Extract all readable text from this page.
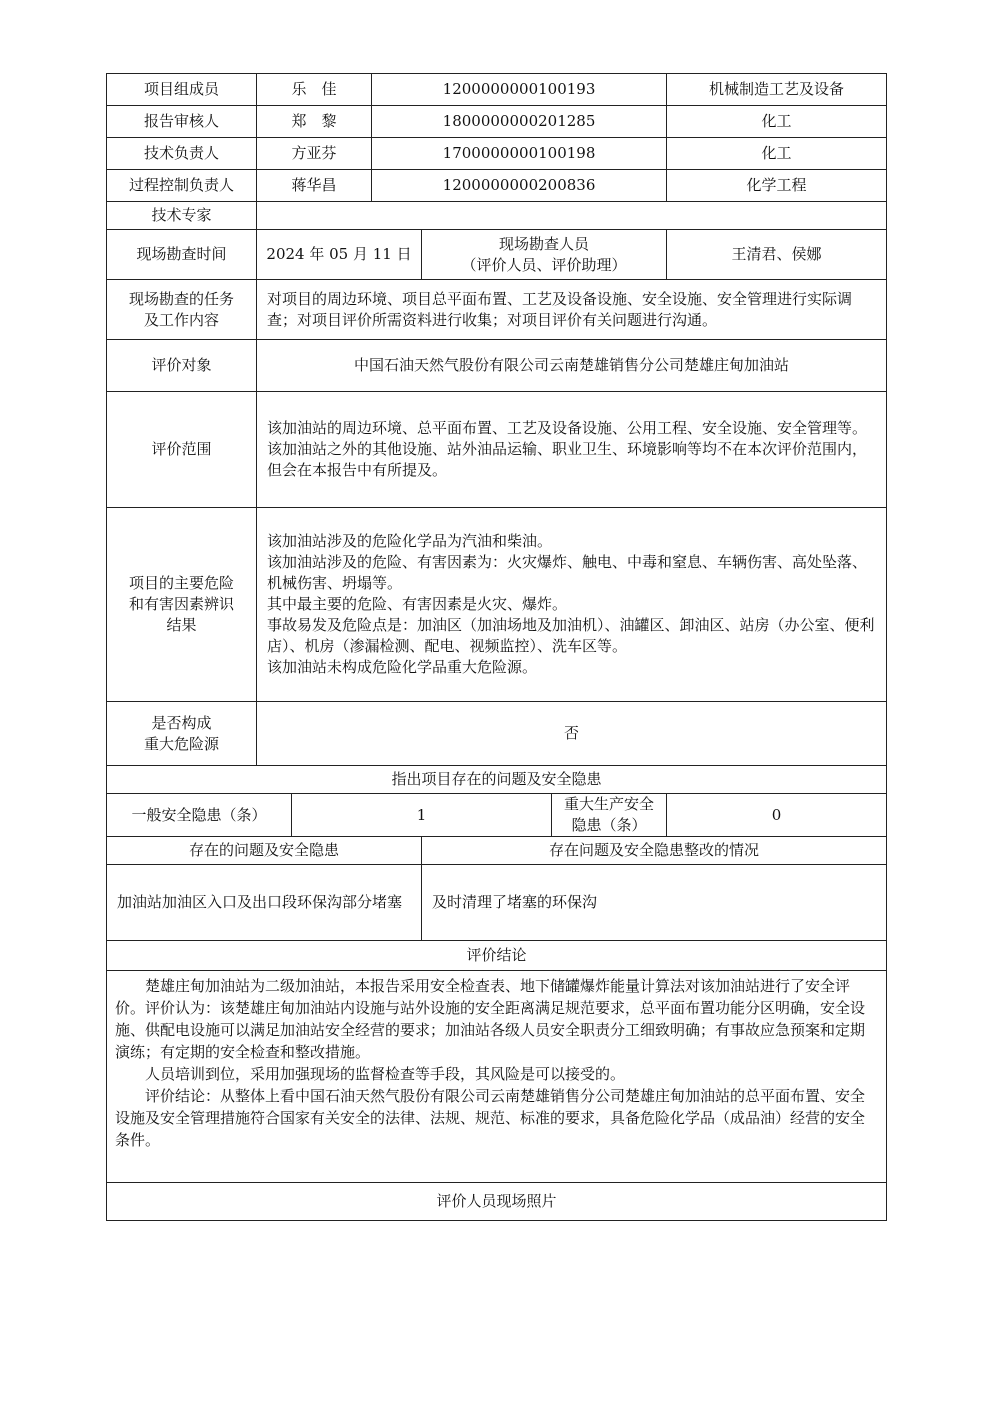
项目组成员	乐　佳		1200000000100193			机械制造工艺及设备
报告审核人	郑　黎		1800000000201285			化工
技术负责人	方亚芬		1700000000100198			化工
过程控制负责人	蒋华昌		1200000000200836			化学工程
技术专家						
现场勘查时间	2024 年 05 月 11 日			现场勘查人员
（评价人员、评价助理）		王清君、侯娜

现场勘查的任务
及工作内容	对项目的周边环境、项目总平面布置、工艺及设备设施、安全设施、安全管理进行实际调查；对项目评价所需资料进行收集；对项目评价有关问题进行沟通。					
评价对象	中国石油天然气股份有限公司云南楚雄销售分公司楚雄庄甸加油站					
评价范围	该加油站的周边环境、总平面布置、工艺及设备设施、公用工程、安全设施、安全管理等。
该加油站之外的其他设施、站外油品运输、职业卫生、环境影响等均不在本次评价范围内，但会在本报告中有所提及。					

项目的主要危险
和有害因素辨识
结果	该加油站涉及的危险化学品为汽油和柴油。
该加油站涉及的危险、有害因素为：火灾爆炸、触电、中毒和窒息、车辆伤害、高处坠落、机械伤害、坍塌等。
其中最主要的危险、有害因素是火灾、爆炸。
事故易发及危险点是：加油区（加油场地及加油机）、油罐区、卸油区、站房（办公室、便利店）、机房（渗漏检测、配电、视频监控）、洗车区等。
该加油站未构成危险化学品重大危险源。					

是否构成
重大危险源	否					
指出项目存在的问题及安全隐患						
一般安全隐患（条）		1			重大生产安全隐患（条）	0
存在的问题及安全隐患				存在问题及安全隐患整改的情况		
加油站加油区入口及出口段环保沟部分堵塞				及时清理了堵塞的环保沟		
评价结论						

楚雄庄甸加油站为二级加油站，本报告采用安全检查表、地下储罐爆炸能量计算法对该加油站进行了安全评价。评价认为：该楚雄庄甸加油站内设施与站外设施的安全距离满足规范要求，总平面布置功能分区明确，安全设施、供配电设施可以满足加油站安全经营的要求；加油站各级人员安全职责分工细致明确；有事故应急预案和定期演练；有定期的安全检查和整改措施。
人员培训到位，采用加强现场的监督检查等手段，其风险是可以接受的。
评价结论：从整体上看中国石油天然气股份有限公司云南楚雄销售分公司楚雄庄甸加油站的总平面布置、安全设施及安全管理措施符合国家有关安全的法律、法规、规范、标准的要求，具备危险化学品（成品油）经营的安全条件。						

评价人员现场照片						
